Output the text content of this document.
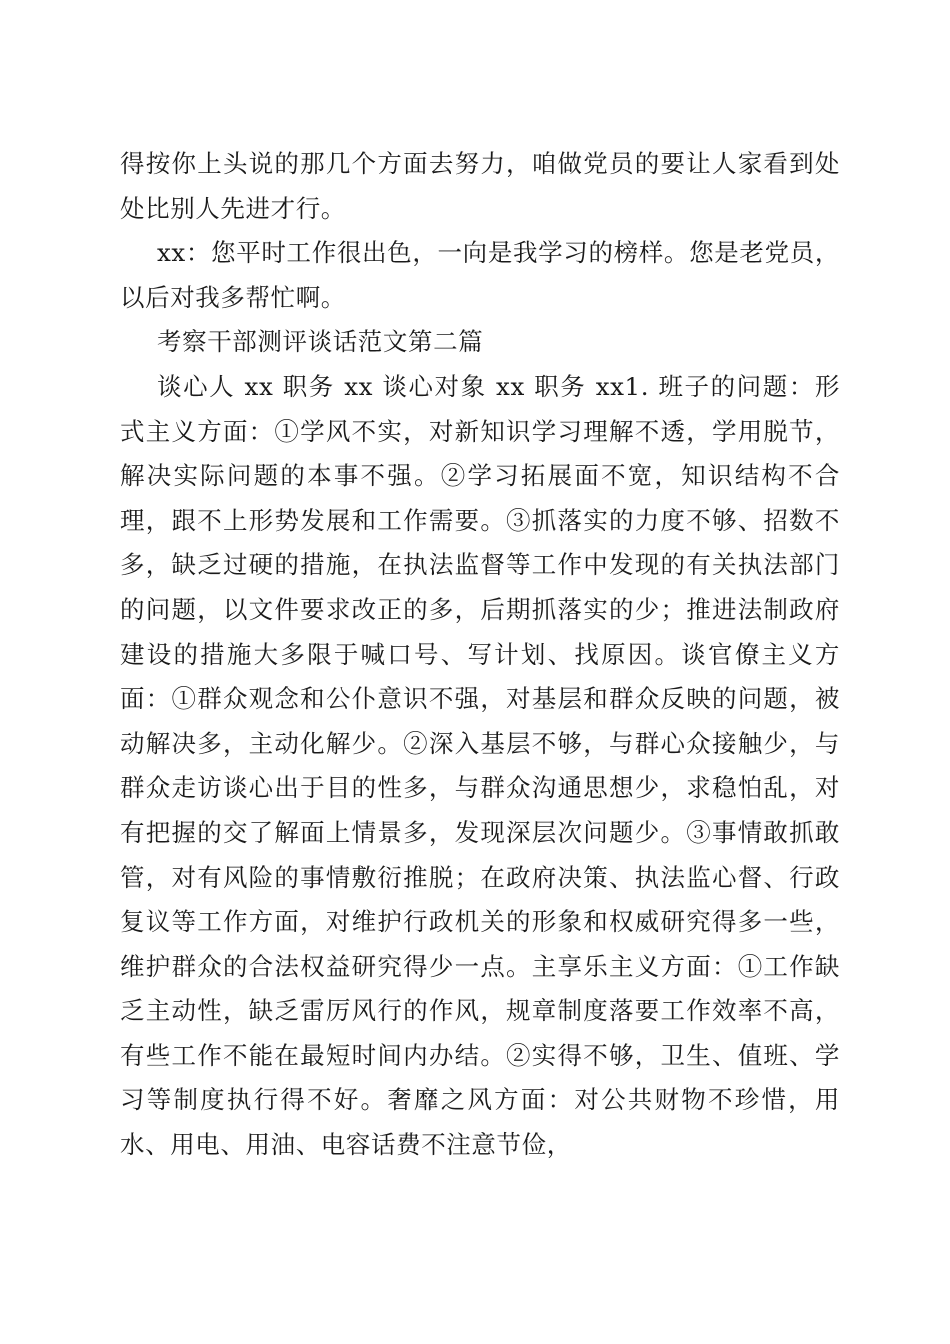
得按你上头说的那几个方面去努力，咱做党员的要让人家看到处处比别人先进才行。

xx：您平时工作很出色，一向是我学习的榜样。您是老党员，以后对我多帮忙啊。

考察干部测评谈话范文第二篇

谈心人 xx 职务 xx 谈心对象 xx 职务 xx1. 班子的问题：形式主义方面：①学风不实，对新知识学习理解不透，学用脱节，解决实际问题的本事不强。②学习拓展面不宽，知识结构不合理，跟不上形势发展和工作需要。③抓落实的力度不够、招数不多，缺乏过硬的措施，在执法监督等工作中发现的有关执法部门的问题，以文件要求改正的多，后期抓落实的少；推进法制政府建设的措施大多限于喊口号、写计划、找原因。谈官僚主义方面：①群众观念和公仆意识不强，对基层和群众反映的问题，被动解决多，主动化解少。②深入基层不够，与群心众接触少，与群众走访谈心出于目的性多，与群众沟通思想少，求稳怕乱，对有把握的交了解面上情景多，发现深层次问题少。③事情敢抓敢管，对有风险的事情敷衍推脱；在政府决策、执法监心督、行政复议等工作方面，对维护行政机关的形象和权威研究得多一些，维护群众的合法权益研究得少一点。主享乐主义方面：①工作缺乏主动性，缺乏雷厉风行的作风，规章制度落要工作效率不高，有些工作不能在最短时间内办结。②实得不够，卫生、值班、学习等制度执行得不好。奢靡之风方面：对公共财物不珍惜，用水、用电、用油、电容话费不注意节俭，
